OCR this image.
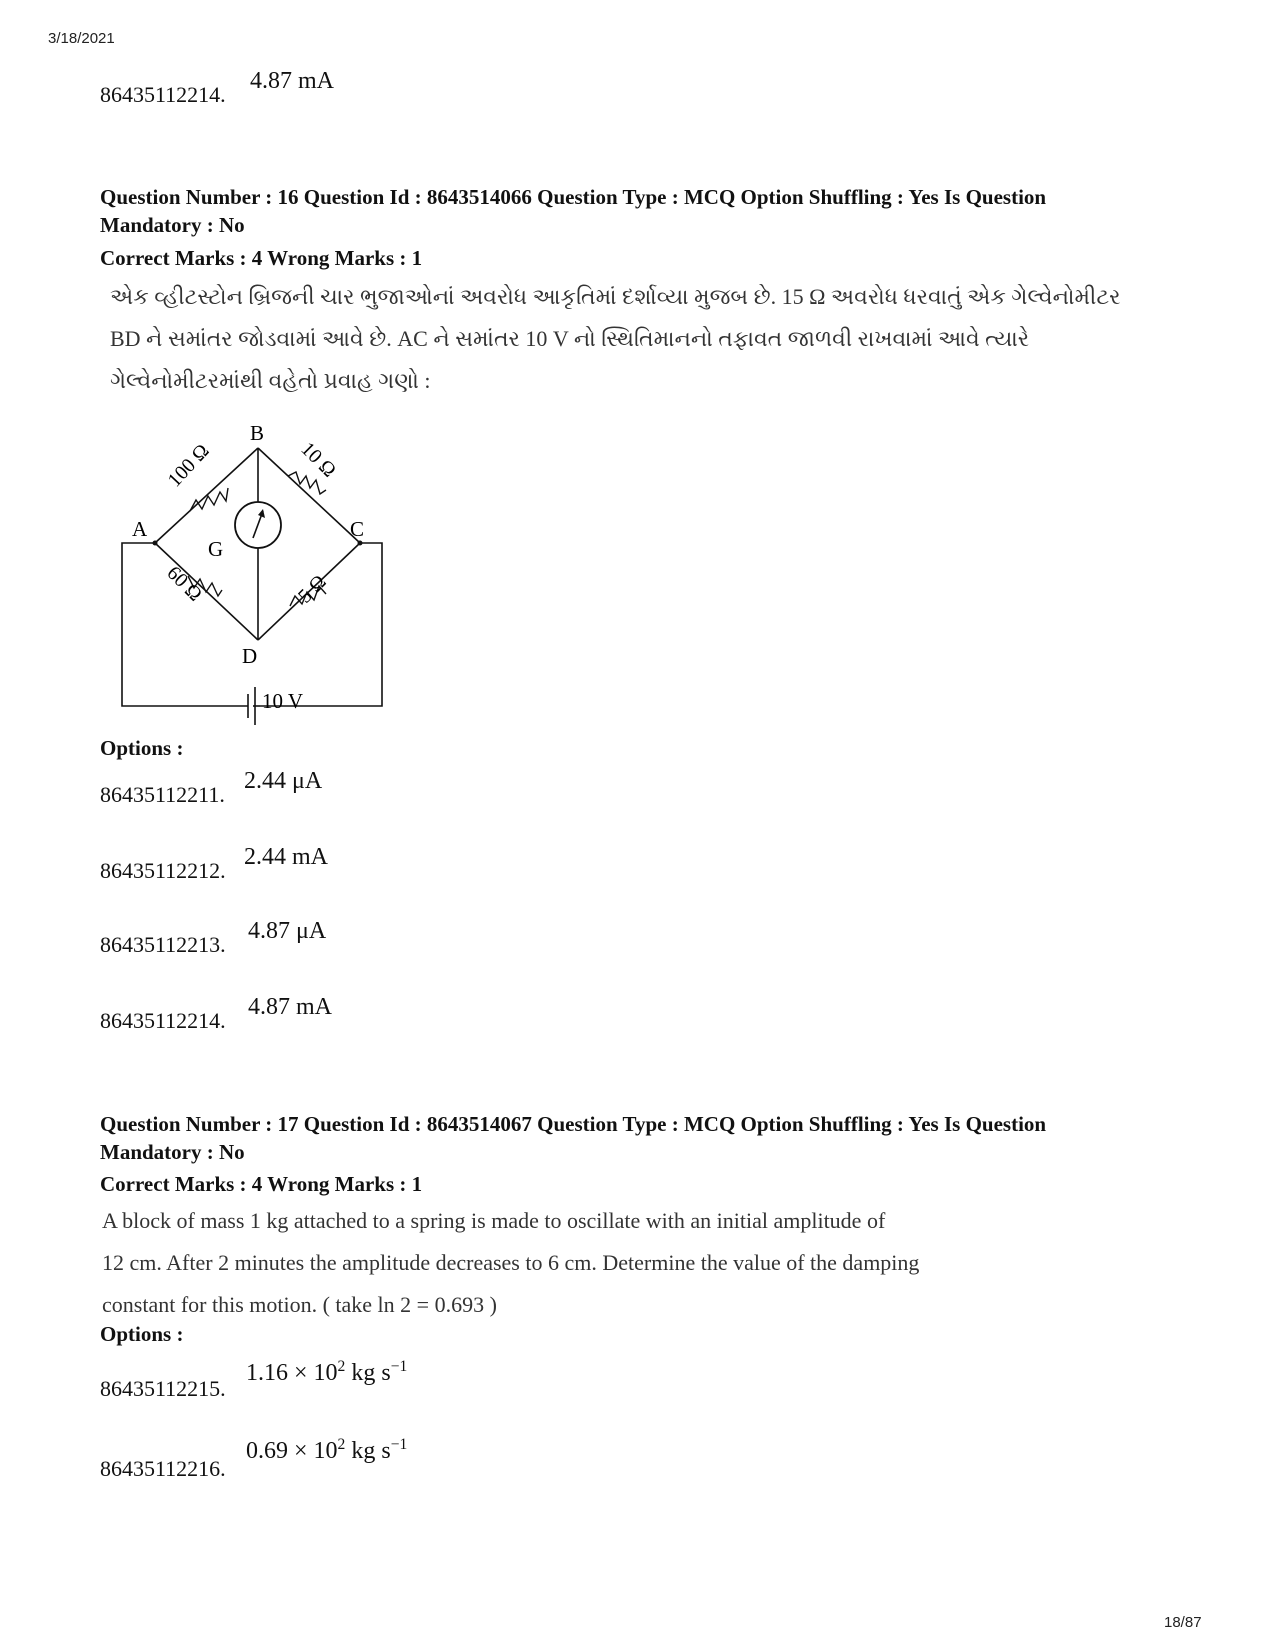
3/18/2021
86435112214.
4.87 mA
Question Number : 16 Question Id : 8643514066 Question Type : MCQ Option Shuffling : Yes Is Question
Mandatory : No
Correct Marks : 4 Wrong Marks : 1
એક વ્હીટસ્ટોન બ્રિજની ચાર ભુજાઓનાં અવરોધ આકૃતિમાં દર્શાવ્યા મુજબ છે. 15 Ω અવરોધ ધરવાતું એક ગેલ્વેનોમીટર
BD ને સમાંતર જોડવામાં આવે છે. AC ને સમાંતર 10 V નો સ્થિતિમાનનો તફાવત જાળવી રાખવામાં આવે ત્યારે
ગેલ્વેનોમીટરમાંથી વહેતો પ્રવાહ ગણો :
B
A	C
D
G
100 Ω	10 Ω
60 Ω	5 Ω
10 V
Options :
86435112211.
2.44 μA
86435112212.
2.44 mA
86435112213.
4.87 μA
86435112214.
4.87 mA
Question Number : 17 Question Id : 8643514067 Question Type : MCQ Option Shuffling : Yes Is Question
Mandatory : No
Correct Marks : 4 Wrong Marks : 1
A block of mass 1 kg attached to a spring is made to oscillate with an initial amplitude of
12 cm. After 2 minutes the amplitude decreases to 6 cm. Determine the value of the damping
constant for this motion. ( take ln 2 = 0.693 )
Options :
86435112215.
$1.16 \times 10^2$ kg $s^{-1}$
86435112216.
$0.69 \times 10^2$ kg $s^{-1}$
18/87
